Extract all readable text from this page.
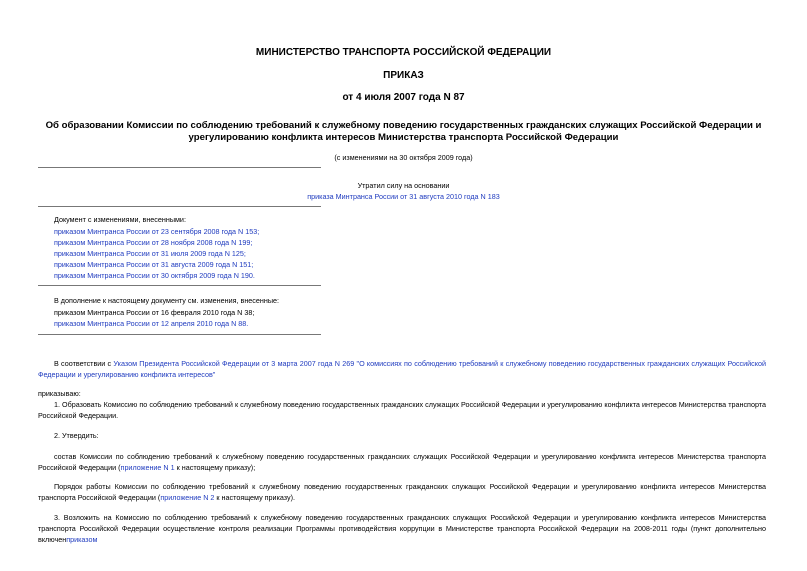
МИНИСТЕРСТВО ТРАНСПОРТА РОССИЙСКОЙ ФЕДЕРАЦИИ
ПРИКАЗ
от 4 июля 2007 года N 87
Об образовании Комиссии по соблюдению требований к служебному поведению государственных гражданских служащих Российской Федерации и
урегулированию конфликта интересов Министерства транспорта Российской Федерации
(с изменениями на 30 октября 2009 года)
Утратил силу на основании
приказа Минтранса России от 31 августа 2010 года N 183
Документ с изменениями, внесенными:
приказом Минтранса России от 23 сентября 2008 года N 153;
приказом Минтранса России от 28 ноября 2008 года N 199;
приказом Минтранса России от 31 июля 2009 года N 125;
приказом Минтранса России от 31 августа 2009 года N 151;
приказом Минтранса России от 30 октября 2009 года N 190.
В дополнение к настоящему документу см. изменения, внесенные:
приказом Минтранса России от 16 февраля 2010 года N 38;
приказом Минтранса России от 12 апреля 2010 года N 88.
В соответствии с Указом Президента Российской Федерации от 3 марта 2007 года N 269 "О комиссиях по соблюдению требований к служебному поведению государственных гражданских служащих Российской Федерации и урегулированию конфликта интересов"
приказываю:
1. Образовать Комиссию по соблюдению требований к служебному поведению государственных гражданских служащих Российской Федерации и урегулированию конфликта интересов Министерства транспорта Российской Федерации.
2. Утвердить:
состав Комиссии по соблюдению требований к служебному поведению государственных гражданских служащих Российской Федерации и урегулированию конфликта интересов Министерства транспорта Российской Федерации (приложение N 1 к настоящему приказу);
Порядок работы Комиссии по соблюдению требований к служебному поведению государственных гражданских служащих Российской Федерации и урегулированию конфликта интересов Министерства транспорта Российской Федерации (приложение N 2 к настоящему приказу).
3. Возложить на Комиссию по соблюдению требований к служебному поведению государственных гражданских служащих Российской Федерации и урегулированию конфликта интересов Министерства транспорта Российской Федерации осуществление контроля реализации Программы противодействия коррупции в Министерстве транспорта Российской Федерации на 2008-2011 годы (пункт дополнительно включенприказом
